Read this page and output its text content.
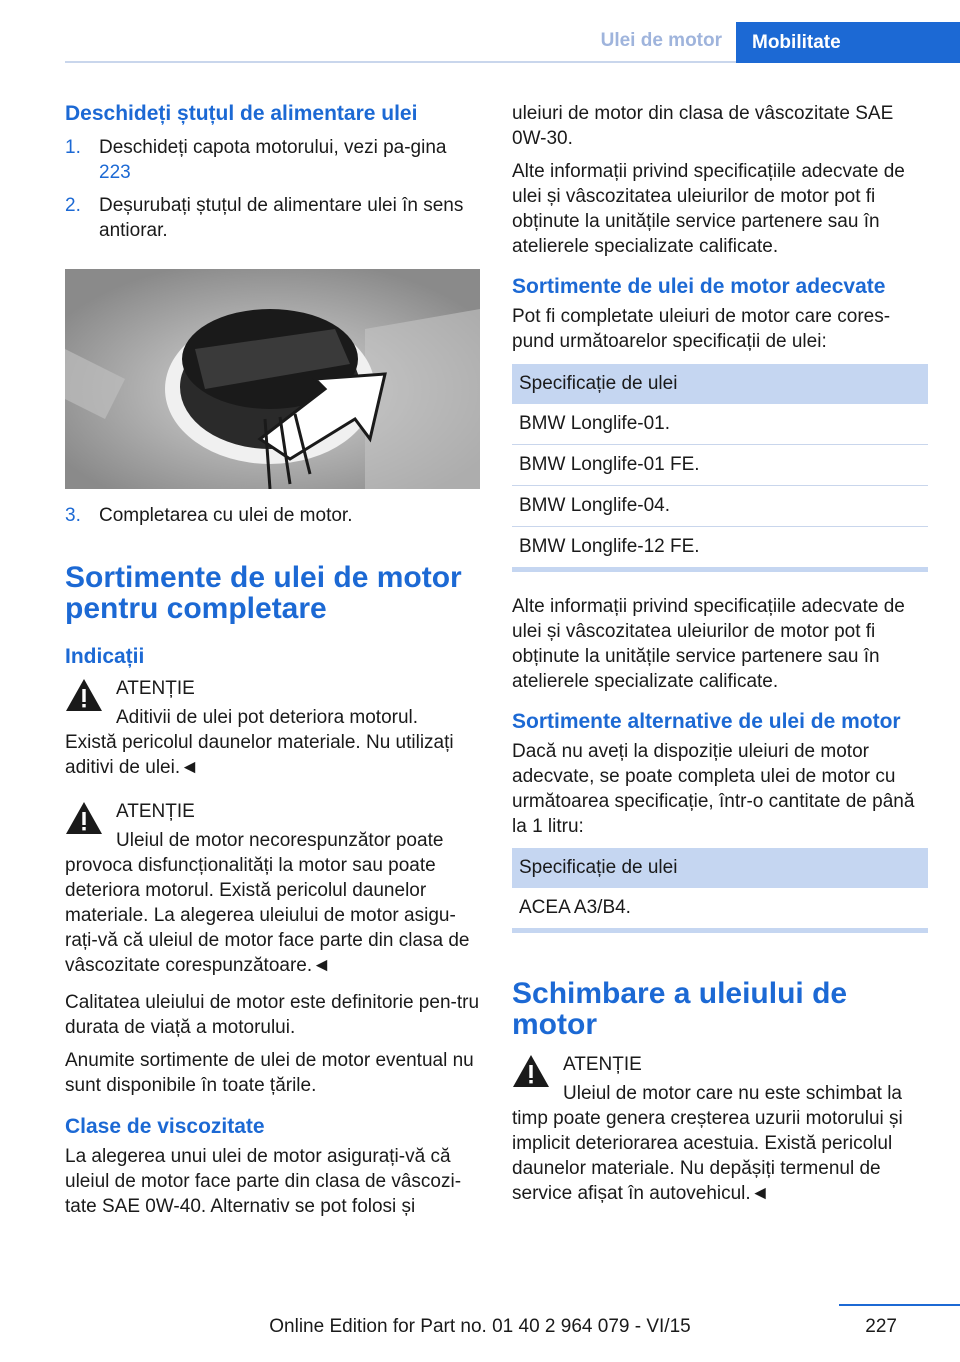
Ulei de motor	Mobilitate
Deschideți ștuțul de alimentare ulei
1. Deschideți capota motorului, vezi pa-gina 223
2. Deșurubați ștuțul de alimentare ulei în sens antiorar.
3. Completarea cu ulei de motor.
Sortimente de ulei de motor pentru completare
Indicații

ATENȚIE

Aditivii de ulei pot deteriora motorul.

Există pericolul daunelor materiale. Nu utilizați aditivi de ulei.◄

ATENȚIE

Uleiul de motor necorespunzător poate

provoca disfuncționalități la motor sau poate deteriora motorul. Există pericolul daunelor materiale. La alegerea uleiului de motor asigu-rați-vă că uleiul de motor face parte din clasa de vâscozitate corespunzătoare.◄

Calitatea uleiului de motor este definitorie pen-tru durata de viață a motorului.

Anumite sortimente de ulei de motor eventual nu sunt disponibile în toate țările.

Clase de viscozitate

La alegerea unui ulei de motor asigurați-vă că uleiul de motor face parte din clasa de vâscozi-tate SAE 0W-40. Alternativ se pot folosi și

uleiuri de motor din clasa de vâscozitate SAE 0W-30.

Alte informații privind specificațiile adecvate de ulei și vâscozitatea uleiurilor de motor pot fi obținute la unitățile service partenere sau în atelierele specializate calificate.

Sortimente de ulei de motor adecvate

Pot fi completate uleiuri de motor care cores-pund următoarelor specificații de ulei:

Specificație de ulei
BMW Longlife-01.
BMW Longlife-01 FE.
BMW Longlife-04.
BMW Longlife-12 FE.

Alte informații privind specificațiile adecvate de ulei și vâscozitatea uleiurilor de motor pot fi obținute la unitățile service partenere sau în atelierele specializate calificate.

Sortimente alternative de ulei de motor

Dacă nu aveți la dispoziție uleiuri de motor adecvate, se poate completa ulei de motor cu următoarea specificație, într-o cantitate de până la 1 litru:

Specificație de ulei
ACEA A3/B4.
Schimbare a uleiului de motor

ATENȚIE

Uleiul de motor care nu este schimbat la

timp poate genera creșterea uzurii motorului și implicit deteriorarea acestuia. Există pericolul daunelor materiale. Nu depășiți termenul de service afișat în autovehicul.◄

227
Online Edition for Part no. 01 40 2 964 079 - VI/15
